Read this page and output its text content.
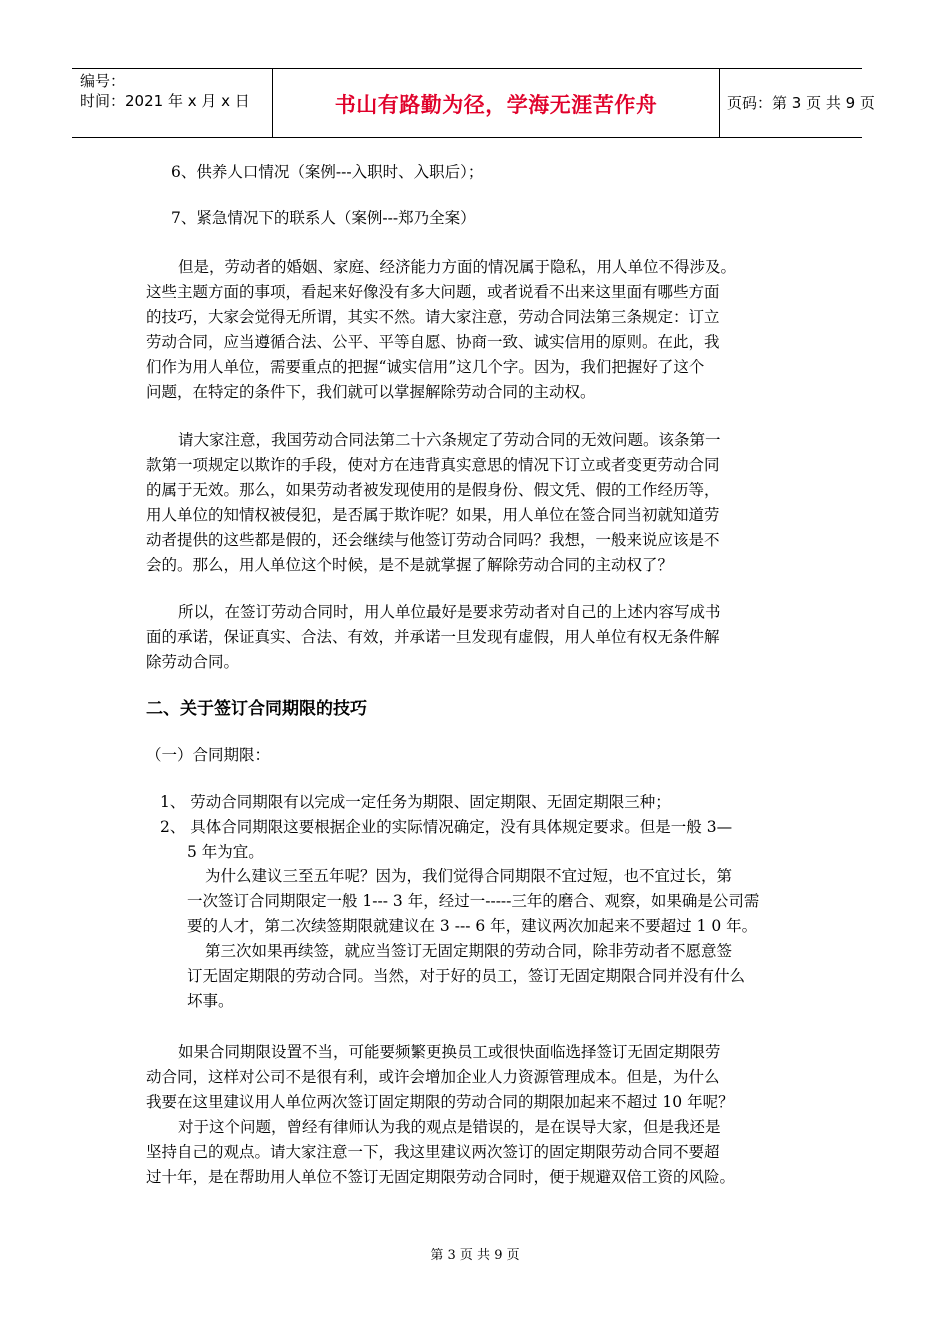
编号：
时间：2021 年 x 月 x 日	书山有路勤为径，学海无涯苦作舟	页码：第 3 页 共 9 页
6、供养人口情况（案例---入职时、入职后）；
7、紧急情况下的联系人（案例---郑乃全案）
但是，劳动者的婚姻、家庭、经济能力方面的情况属于隐私，用人单位不得涉及。
这些主题方面的事项，看起来好像没有多大问题，或者说看不出来这里面有哪些方面
的技巧，大家会觉得无所谓，其实不然。请大家注意，劳动合同法第三条规定：订立
劳动合同，应当遵循合法、公平、平等自愿、协商一致、诚实信用的原则。在此，我
们作为用人单位，需要重点的把握“诚实信用”这几个字。因为，我们把握好了这个
问题，在特定的条件下，我们就可以掌握解除劳动合同的主动权。
请大家注意，我国劳动合同法第二十六条规定了劳动合同的无效问题。该条第一
款第一项规定以欺诈的手段，使对方在违背真实意思的情况下订立或者变更劳动合同
的属于无效。那么，如果劳动者被发现使用的是假身份、假文凭、假的工作经历等，
用人单位的知情权被侵犯，是否属于欺诈呢？如果，用人单位在签合同当初就知道劳
动者提供的这些都是假的，还会继续与他签订劳动合同吗？我想，一般来说应该是不
会的。那么，用人单位这个时候，是不是就掌握了解除劳动合同的主动权了？
所以，在签订劳动合同时，用人单位最好是要求劳动者对自己的上述内容写成书
面的承诺，保证真实、合法、有效，并承诺一旦发现有虚假，用人单位有权无条件解
除劳动合同。
二、关于签订合同期限的技巧
（一）合同期限：
1、 劳动合同期限有以完成一定任务为期限、固定期限、无固定期限三种；
2、 具体合同期限这要根据企业的实际情况确定，没有具体规定要求。但是一般 3—
5 年为宜。
为什么建议三至五年呢？因为，我们觉得合同期限不宜过短，也不宜过长，第
一次签订合同期限定一般 1--- 3 年，经过一-----三年的磨合、观察，如果确是公司需
要的人才，第二次续签期限就建议在 3 --- 6 年，建议两次加起来不要超过 1 0 年。
第三次如果再续签，就应当签订无固定期限的劳动合同，除非劳动者不愿意签
订无固定期限的劳动合同。当然，对于好的员工，签订无固定期限合同并没有什么
坏事。
如果合同期限设置不当，可能要频繁更换员工或很快面临选择签订无固定期限劳
动合同，这样对公司不是很有利，或许会增加企业人力资源管理成本。但是，为什么
我要在这里建议用人单位两次签订固定期限的劳动合同的期限加起来不超过 10 年呢？
对于这个问题，曾经有律师认为我的观点是错误的，是在误导大家，但是我还是
坚持自己的观点。请大家注意一下，我这里建议两次签订的固定期限劳动合同不要超
过十年，是在帮助用人单位不签订无固定期限劳动合同时，便于规避双倍工资的风险。
第 3 页 共 9 页
